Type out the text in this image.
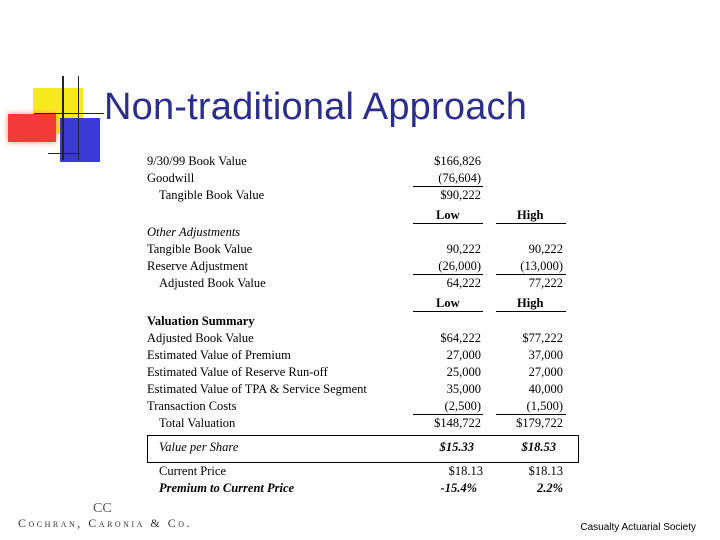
Non-traditional Approach
9/30/99 Book Value	$166,826
Goodwill	(76,604)
Tangible Book Value	$90,222
Low	High
Other Adjustments
Tangible Book Value	90,222	90,222
Reserve Adjustment	(26,000)	(13,000)
Adjusted Book Value	64,222	77,222
Low	High
Valuation Summary
Adjusted Book Value	$64,222	$77,222
Estimated Value of Premium	27,000	37,000
Estimated Value of Reserve Run-off	25,000	27,000
Estimated Value of TPA & Service Segment	35,000	40,000
Transaction Costs	(2,500)	(1,500)
Total Valuation	$148,722	$179,722
Value per Share	$15.33	$18.53
Current Price	$18.13	$18.13
Premium to Current Price	-15.4%	2.2%
CC
Cochran, Caronia & Co.	Casualty Actuarial Society
